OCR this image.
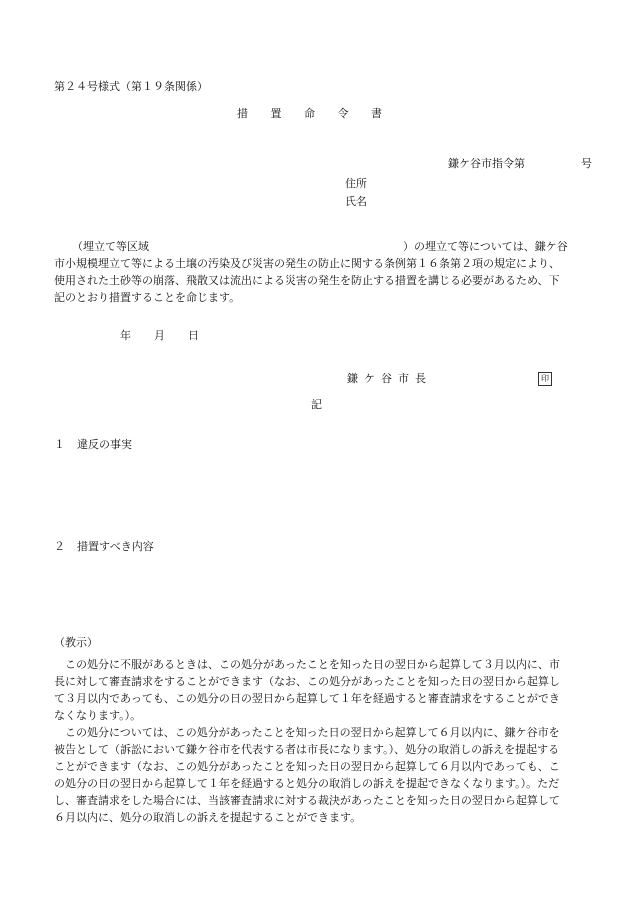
第２４号様式（第１９条関係）
措 置 命 令 書
鎌ケ谷市指令第	号
住所
氏名
（埋立て等区域	）の埋立て等については、鎌ケ谷
市小規模埋立て等による土壌の汚染及び災害の発生の防止に関する条例第１６条第２項の規定により、
使用された土砂等の崩落、飛散又は流出による災害の発生を防止する措置を講じる必要があるため、下
記のとおり措置することを命じます。
年 月 日
鎌 ケ 谷 市 長	印
記
１ 違反の事実
２ 措置すべき内容
（教示）
　この処分に不服があるときは、この処分があったことを知った日の翌日から起算して３月以内に、市
長に対して審査請求をすることができます（なお、この処分があったことを知った日の翌日から起算し
て３月以内であっても、この処分の日の翌日から起算して１年を経過すると審査請求をすることができ
なくなります。）。
　この処分については、この処分があったことを知った日の翌日から起算して６月以内に、鎌ケ谷市を
被告として（訴訟において鎌ケ谷市を代表する者は市長になります。）、処分の取消しの訴えを提起する
ことができます（なお、この処分があったことを知った日の翌日から起算して６月以内であっても、こ
の処分の日の翌日から起算して１年を経過すると処分の取消しの訴えを提起できなくなります。）。ただ
し、審査請求をした場合には、当該審査請求に対する裁決があったことを知った日の翌日から起算して
６月以内に、処分の取消しの訴えを提起することができます。
